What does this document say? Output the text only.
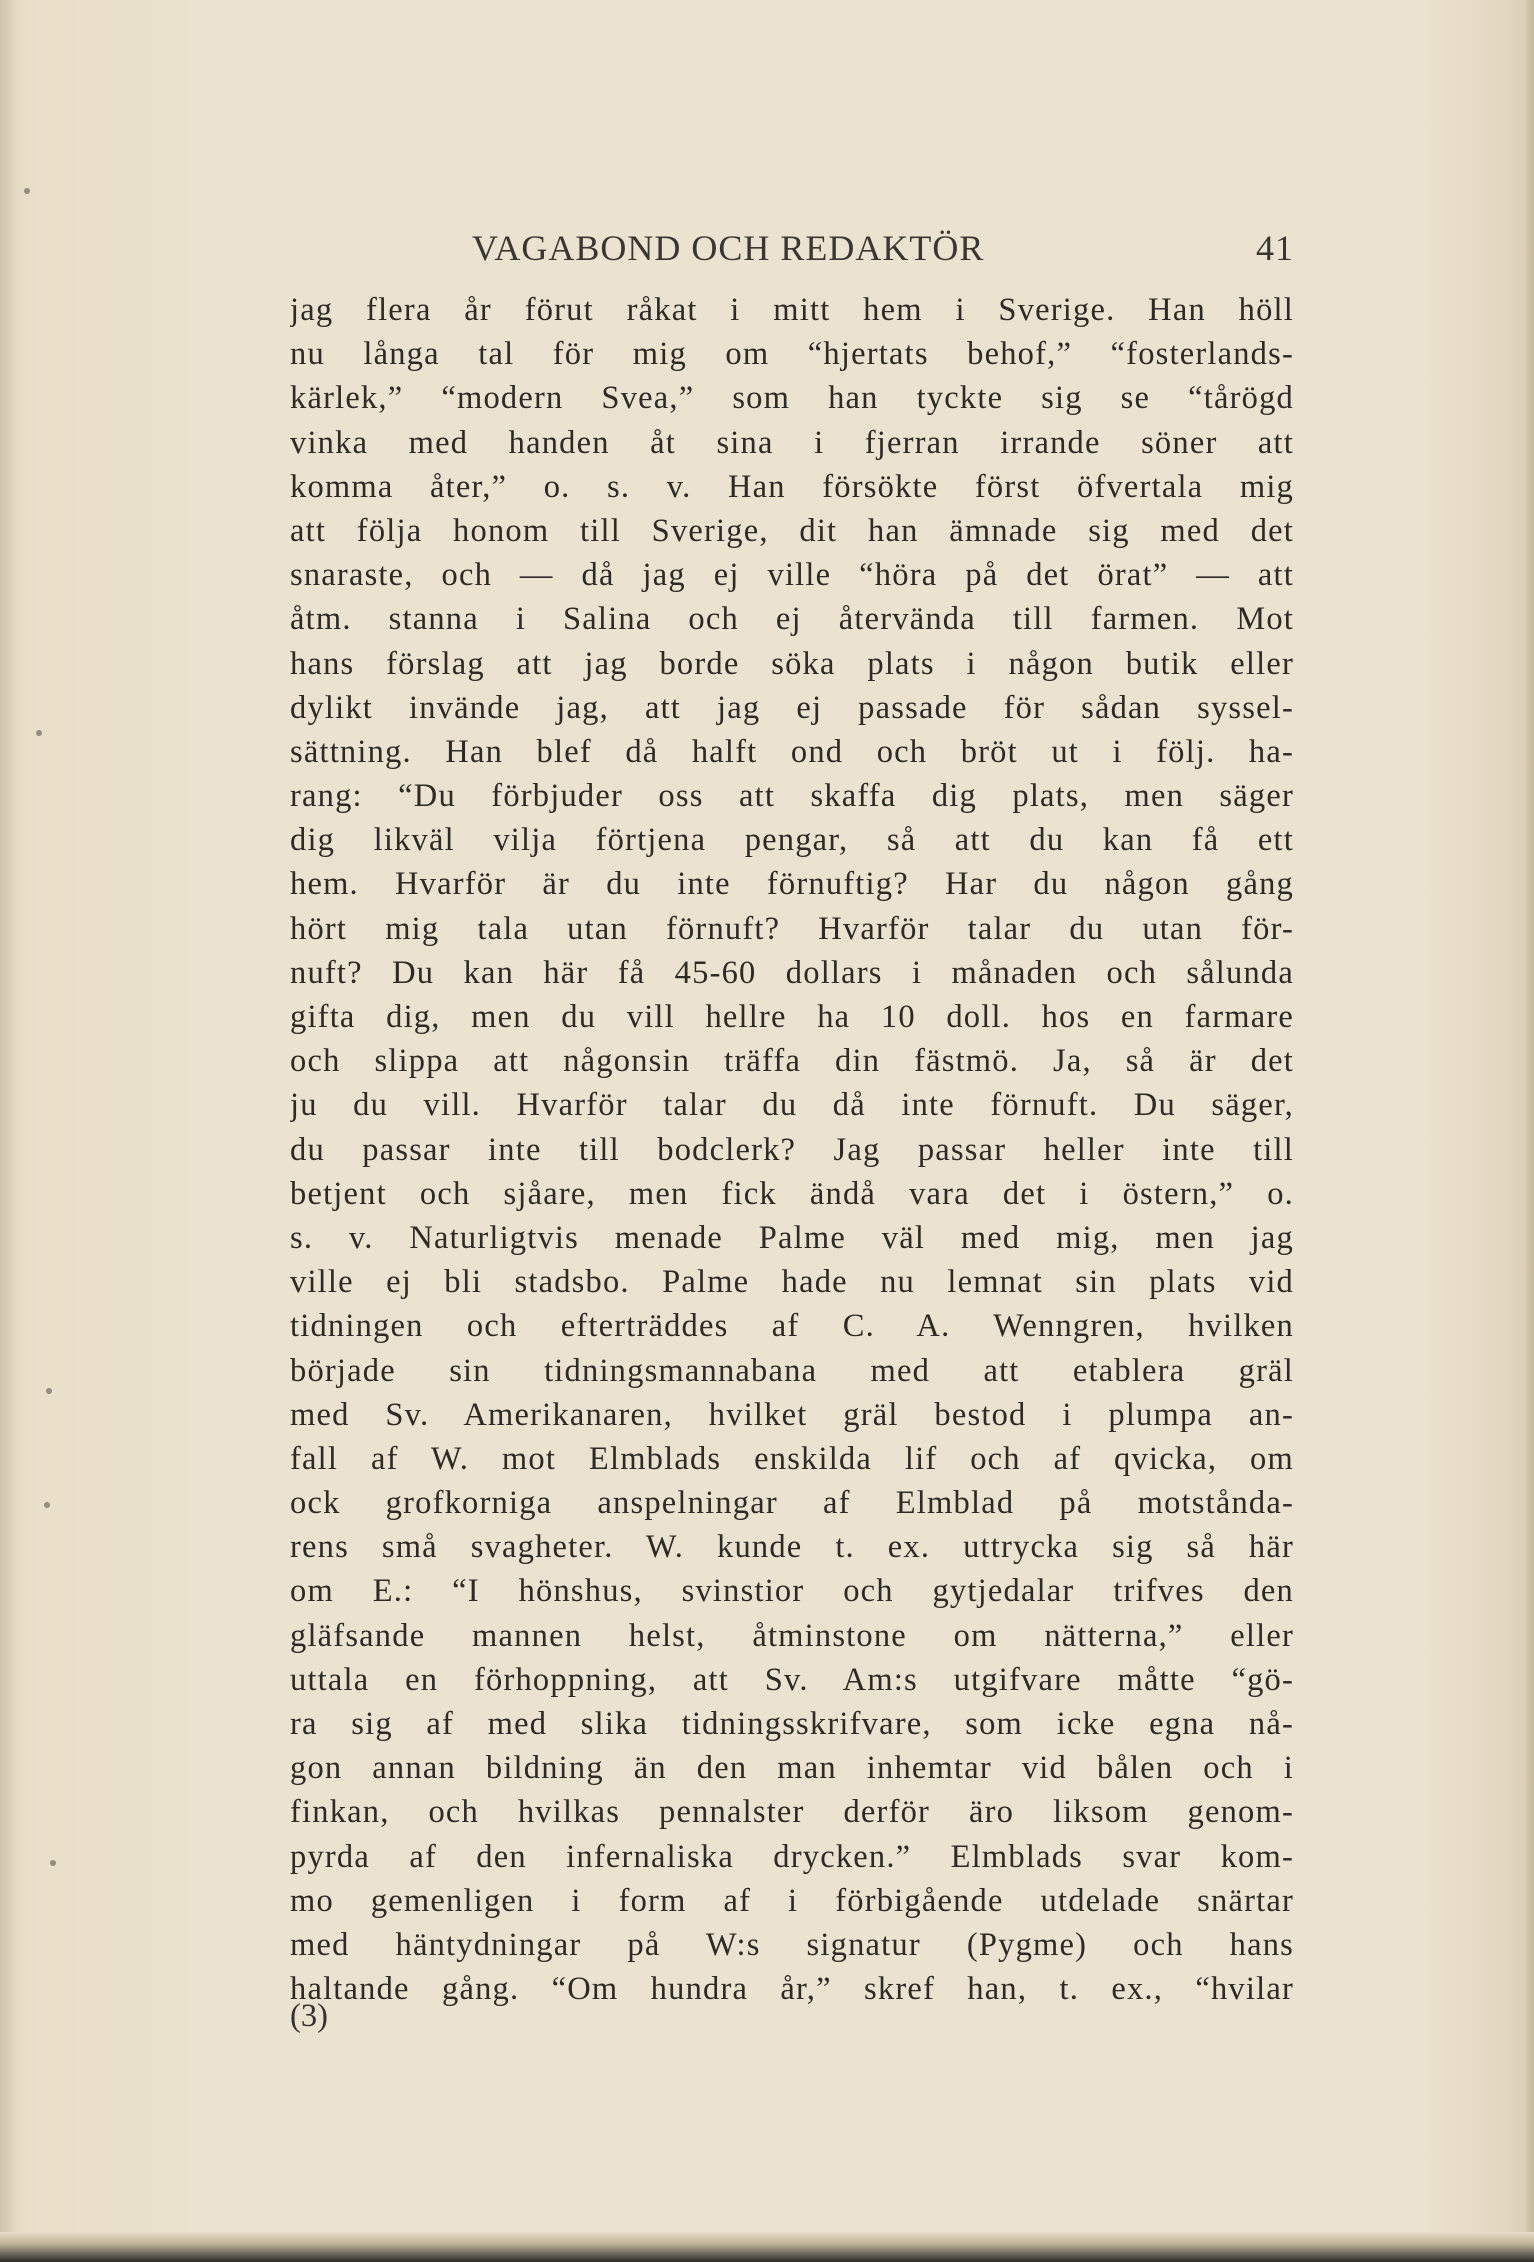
VAGABOND OCH REDAKTÖR	41
jag flera år förut råkat i mitt hem i Sverige. Han höll
nu långa tal för mig om “hjertats behof,” “fosterlands-
kärlek,” “modern Svea,” som han tyckte sig se “tårögd
vinka med handen åt sina i fjerran irrande söner att
komma åter,” o. s. v. Han försökte först öfvertala mig
att följa honom till Sverige, dit han ämnade sig med det
snaraste, och — då jag ej ville “höra på det örat” — att
åtm. stanna i Salina och ej återvända till farmen. Mot
hans förslag att jag borde söka plats i någon butik eller
dylikt invände jag, att jag ej passade för sådan syssel-
sättning. Han blef då halft ond och bröt ut i följ. ha-
rang: “Du förbjuder oss att skaffa dig plats, men säger
dig likväl vilja förtjena pengar, så att du kan få ett
hem. Hvarför är du inte förnuftig? Har du någon gång
hört mig tala utan förnuft? Hvarför talar du utan för-
nuft? Du kan här få 45-60 dollars i månaden och sålunda
gifta dig, men du vill hellre ha 10 doll. hos en farmare
och slippa att någonsin träffa din fästmö. Ja, så är det
ju du vill. Hvarför talar du då inte förnuft. Du säger,
du passar inte till bodclerk? Jag passar heller inte till
betjent och sjåare, men fick ändå vara det i östern,” o.
s. v. Naturligtvis menade Palme väl med mig, men jag
ville ej bli stadsbo. Palme hade nu lemnat sin plats vid
tidningen och efterträddes af C. A. Wenngren, hvilken
började sin tidningsmannabana med att etablera gräl
med Sv. Amerikanaren, hvilket gräl bestod i plumpa an-
fall af W. mot Elmblads enskilda lif och af qvicka, om
ock grofkorniga anspelningar af Elmblad på motstånda-
rens små svagheter. W. kunde t. ex. uttrycka sig så här
om E.: “I hönshus, svinstior och gytjedalar trifves den
gläfsande mannen helst, åtminstone om nätterna,” eller
uttala en förhoppning, att Sv. Am:s utgifvare måtte “gö-
ra sig af med slika tidningsskrifvare, som icke egna nå-
gon annan bildning än den man inhemtar vid bålen och i
finkan, och hvilkas pennalster derför äro liksom genom-
pyrda af den infernaliska drycken.” Elmblads svar kom-
mo gemenligen i form af i förbigående utdelade snärtar
med häntydningar på W:s signatur (Pygme) och hans
haltande gång. “Om hundra år,” skref han, t. ex., “hvilar
(3)
